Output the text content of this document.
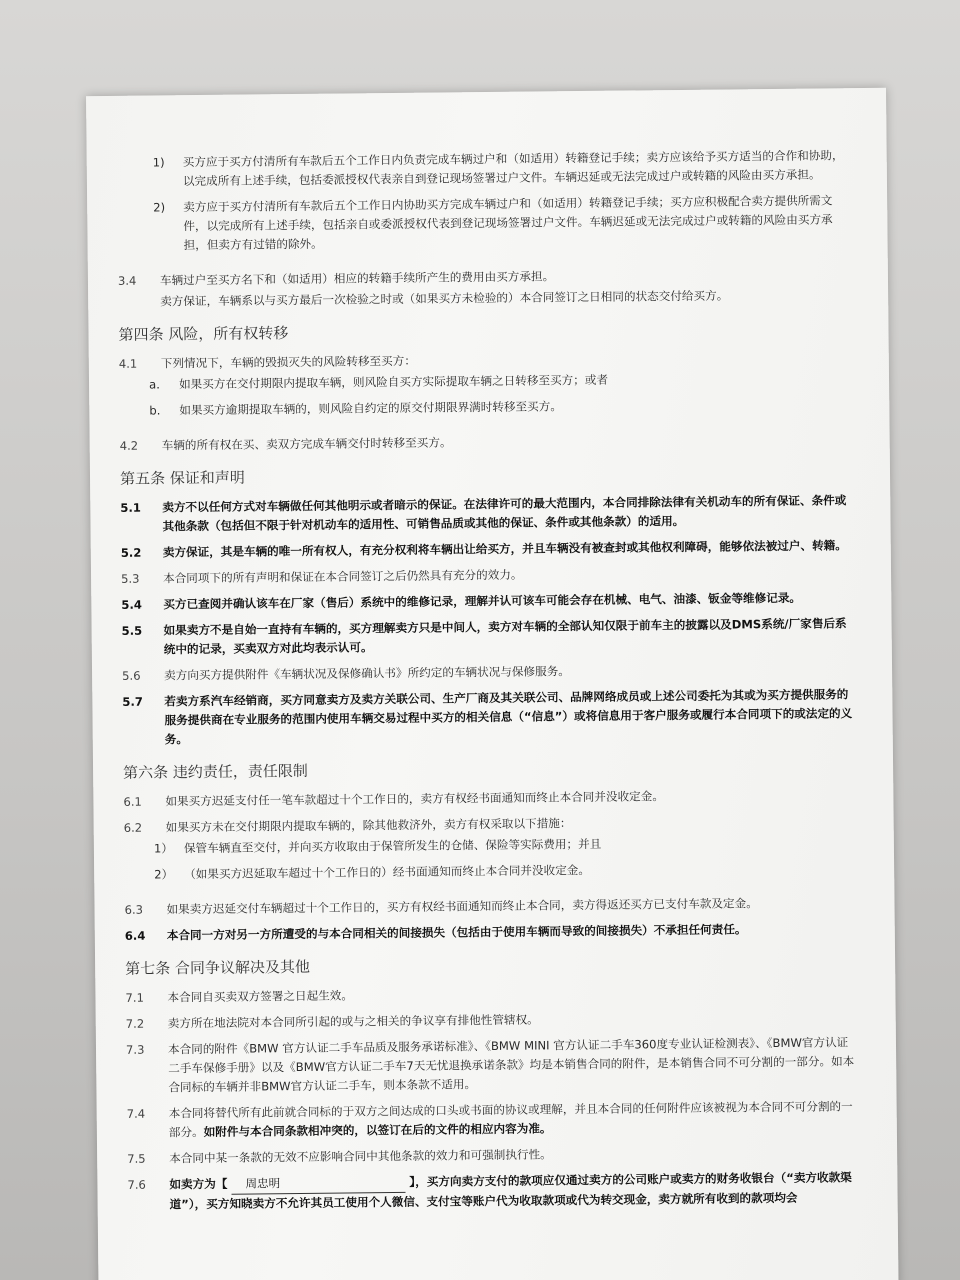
1)	买方应于买方付清所有车款后五个工作日内负责完成车辆过户和（如适用）转籍登记手续；卖方应该给予买方适当的合作和协助，以完成所有上述手续，包括委派授权代表亲自到登记现场签署过户文件。车辆迟延或无法完成过户或转籍的风险由买方承担。
2)	卖方应于买方付清所有车款后五个工作日内协助买方完成车辆过户和（如适用）转籍登记手续；买方应积极配合卖方提供所需文件，以完成所有上述手续，包括亲自或委派授权代表到登记现场签署过户文件。车辆迟延或无法完成过户或转籍的风险由买方承担，但卖方有过错的除外。
3.4	车辆过户至买方名下和（如适用）相应的转籍手续所产生的费用由买方承担。
卖方保证，车辆系以与买方最后一次检验之时或（如果买方未检验的）本合同签订之日相同的状态交付给买方。
第四条 风险，所有权转移
4.1	下列情况下，车辆的毁损灭失的风险转移至买方：
a.	如果买方在交付期限内提取车辆，则风险自买方实际提取车辆之日转移至买方；或者
b.	如果买方逾期提取车辆的，则风险自约定的原交付期限界满时转移至买方。
4.2	车辆的所有权在买、卖双方完成车辆交付时转移至买方。
第五条 保证和声明
5.1	卖方不以任何方式对车辆做任何其他明示或者暗示的保证。在法律许可的最大范围内，本合同排除法律有关机动车的所有保证、条件或其他条款（包括但不限于针对机动车的适用性、可销售品质或其他的保证、条件或其他条款）的适用。
5.2	卖方保证，其是车辆的唯一所有权人，有充分权利将车辆出让给买方，并且车辆没有被查封或其他权利障碍，能够依法被过户、转籍。
5.3	本合同项下的所有声明和保证在本合同签订之后仍然具有充分的效力。
5.4	买方已查阅并确认该车在厂家（售后）系统中的维修记录，理解并认可该车可能会存在机械、电气、油漆、钣金等维修记录。
5.5	如果卖方不是自始一直持有车辆的，买方理解卖方只是中间人，卖方对车辆的全部认知仅限于前车主的披露以及DMS系统/厂家售后系统中的记录，买卖双方对此均表示认可。
5.6	卖方向买方提供附件《车辆状况及保修确认书》所约定的车辆状况与保修服务。
5.7	若卖方系汽车经销商，买方同意卖方及卖方关联公司、生产厂商及其关联公司、品牌网络成员或上述公司委托为其或为买方提供服务的服务提供商在专业服务的范围内使用车辆交易过程中买方的相关信息（“信息”）或将信息用于客户服务或履行本合同项下的或法定的义务。
第六条 违约责任，责任限制
6.1	如果买方迟延支付任一笔车款超过十个工作日的，卖方有权经书面通知而终止本合同并没收定金。
6.2	如果买方未在交付期限内提取车辆的，除其他救济外，卖方有权采取以下措施：
1） 保管车辆直至交付，并向买方收取由于保管所发生的仓储、保险等实际费用；并且
2） （如果买方迟延取车超过十个工作日的）经书面通知而终止本合同并没收定金。
6.3	如果卖方迟延交付车辆超过十个工作日的，买方有权经书面通知而终止本合同，卖方得返还买方已支付车款及定金。
6.4	本合同一方对另一方所遭受的与本合同相关的间接损失（包括由于使用车辆而导致的间接损失）不承担任何责任。
第七条 合同争议解决及其他
7.1	本合同自买卖双方签署之日起生效。
7.2	卖方所在地法院对本合同所引起的或与之相关的争议享有排他性管辖权。
7.3	本合同的附件《BMW 官方认证二手车品质及服务承诺标准》、《BMW MINI 官方认证二手车360度专业认证检测表》、《BMW官方认证二手车保修手册》以及《BMW官方认证二手车7天无忧退换承诺条款》均是本销售合同的附件，是本销售合同不可分割的一部分。如本合同标的车辆并非BMW官方认证二手车，则本条款不适用。
7.4	本合同将替代所有此前就合同标的于双方之间达成的口头或书面的协议或理解，并且本合同的任何附件应该被视为本合同不可分割的一部分。如附件与本合同条款相冲突的，以签订在后的文件的相应内容为准。
7.5	本合同中某一条款的无效不应影响合同中其他条款的效力和可强制执行性。
7.6	如卖方为【 周忠明	】，买方向卖方支付的款项应仅通过卖方的公司账户或卖方的财务收银台（“卖方收款渠道”），买方知晓卖方不允许其员工使用个人微信、支付宝等账户代为收取款项或代为转交现金，卖方就所有收到的款项均会
